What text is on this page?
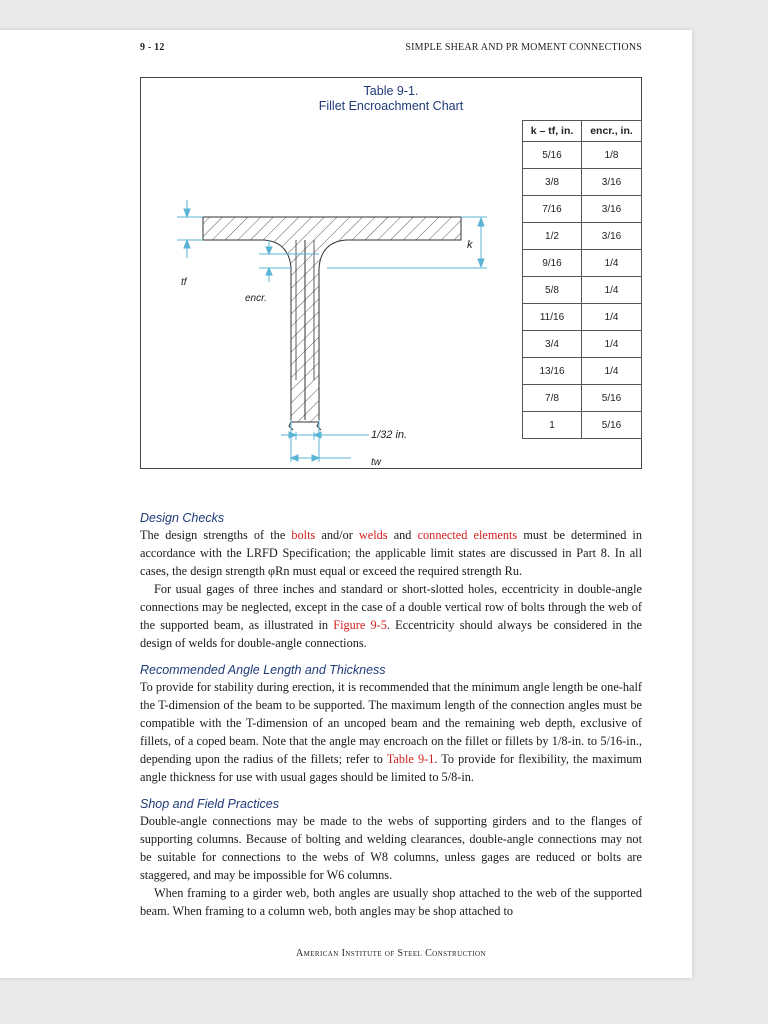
9 - 12	SIMPLE SHEAR AND PR MOMENT CONNECTIONS
Table 9-1.
Fillet Encroachment Chart
k
tf
encr.
1/32 in.
tw
k – tf, in.	encr., in.
5/16	1/8
3/8	3/16
7/16	3/16
1/2	3/16
9/16	1/4
5/8	1/4
11/16	1/4
3/4	1/4
13/16	1/4
7/8	5/16
1	5/16
Design Checks

The design strengths of the bolts and/or welds and connected elements must be determined in accordance with the LRFD Specification; the applicable limit states are discussed in Part 8. In all cases, the design strength φRn must equal or exceed the required strength Ru.

For usual gages of three inches and standard or short-slotted holes, eccentricity in double-angle connections may be neglected, except in the case of a double vertical row of bolts through the web of the supported beam, as illustrated in Figure 9-5. Eccentricity should always be considered in the design of welds for double-angle connections.

Recommended Angle Length and Thickness

To provide for stability during erection, it is recommended that the minimum angle length be one-half the T-dimension of the beam to be supported. The maximum length of the connection angles must be compatible with the T-dimension of an uncoped beam and the remaining web depth, exclusive of fillets, of a coped beam. Note that the angle may encroach on the fillet or fillets by 1/8-in. to 5/16-in., depending upon the radius of the fillets; refer to Table 9-1. To provide for flexibility, the maximum angle thickness for use with usual gages should be limited to 5/8-in.

Shop and Field Practices

Double-angle connections may be made to the webs of supporting girders and to the flanges of supporting columns. Because of bolting and welding clearances, double-angle connections may not be suitable for connections to the webs of W8 columns, unless gages are reduced or bolts are staggered, and may be impossible for W6 columns.

When framing to a girder web, both angles are usually shop attached to the web of the supported beam. When framing to a column web, both angles may be shop attached to

American Institute of Steel Construction
